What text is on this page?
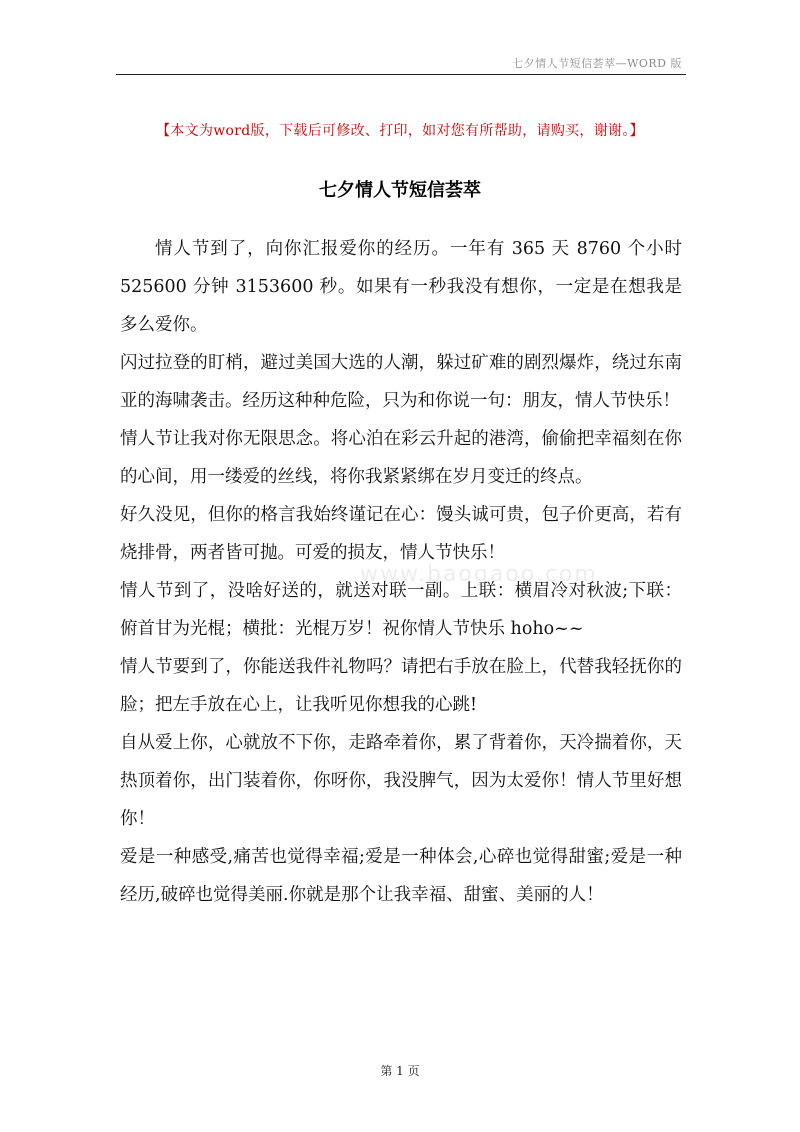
七夕情人节短信荟萃—WORD 版
【本文为word版，下载后可修改、打印，如对您有所帮助，请购买，谢谢。】
七夕情人节短信荟萃
www.baogaoo.com

情人节到了，向你汇报爱你的经历。一年有 365 天 8760 个小时 525600 分钟 3153600 秒。如果有一秒我没有想你，一定是在想我是多么爱你。

闪过拉登的盯梢，避过美国大选的人潮，躲过矿难的剧烈爆炸，绕过东南亚的海啸袭击。经历这种种危险，只为和你说一句：朋友，情人节快乐！

情人节让我对你无限思念。将心泊在彩云升起的港湾，偷偷把幸福刻在你的心间，用一缕爱的丝线，将你我紧紧绑在岁月变迁的终点。

好久没见，但你的格言我始终谨记在心：馒头诚可贵，包子价更高，若有烧排骨，两者皆可抛。可爱的损友，情人节快乐！

情人节到了，没啥好送的，就送对联一副。上联：横眉冷对秋波;下联：俯首甘为光棍；横批：光棍万岁！祝你情人节快乐 hoho~~

情人节要到了，你能送我件礼物吗？请把右手放在脸上，代替我轻抚你的脸；把左手放在心上，让我听见你想我的心跳!

自从爱上你，心就放不下你，走路牵着你，累了背着你，天冷揣着你，天热顶着你，出门装着你，你呀你，我没脾气，因为太爱你！情人节里好想你！

爱是一种感受,痛苦也觉得幸福;爱是一种体会,心碎也觉得甜蜜;爱是一种经历,破碎也觉得美丽.你就是那个让我幸福、甜蜜、美丽的人！

第 1 页
